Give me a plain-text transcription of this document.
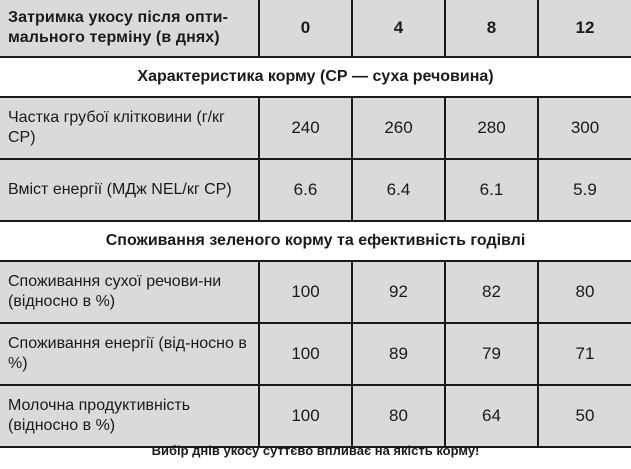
Затримка укосу після опти-мального терміну (в днях)	0	4	8	12
Характеристика корму (СР — суха речовина)				
Частка грубої клітковини (г/кг СР)	240	260	280	300
Вміст енергії (МДж NEL/кг СР)	6.6	6.4	6.1	5.9
Споживання зеленого корму та ефективність годівлі				
Споживання сухої речови-ни (відносно в %)	100	92	82	80
Споживання енергії (від-носно в %)	100	89	79	71
Молочна продуктивність (відносно в %)	100	80	64	50
Вибір днів укосу суттєво впливає на якість корму!
